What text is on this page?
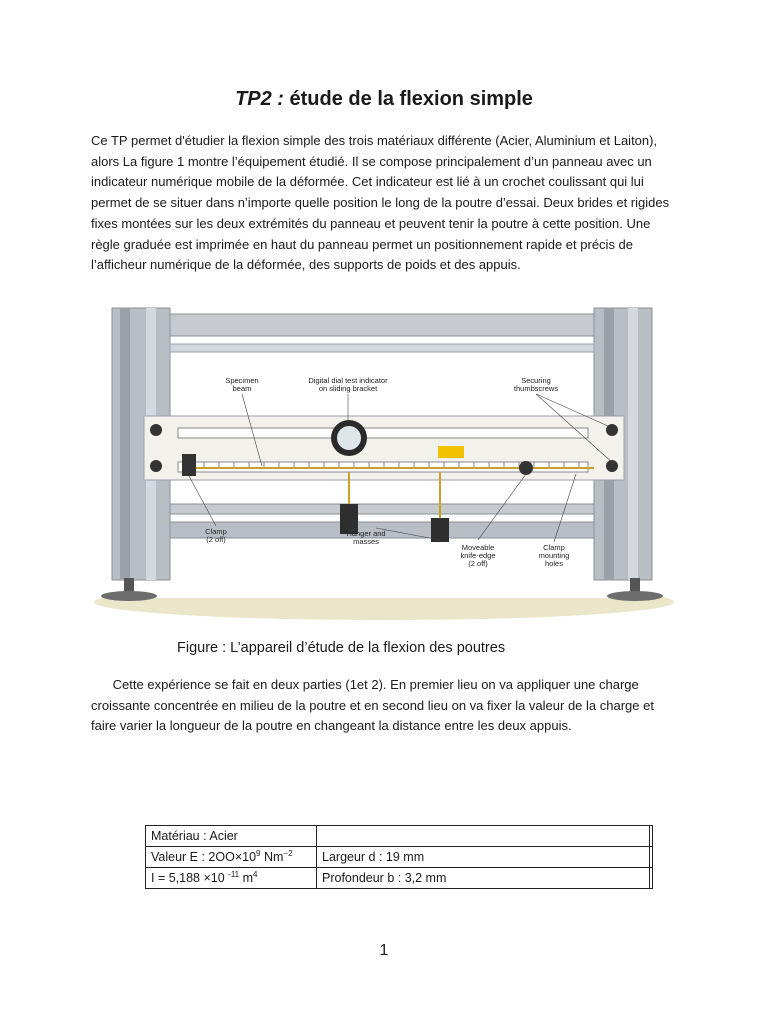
TP2 : étude de la flexion simple
Ce TP permet d'étudier la flexion simple des trois matériaux différente (Acier, Aluminium et Laiton), alors La figure 1 montre l’équipement étudié. Il se compose principalement d’un panneau avec un indicateur numérique mobile de la déformée. Cet indicateur est lié à un crochet coulissant qui lui permet de se situer dans n’importe quelle position le long de la poutre d’essai. Deux brides et rigides fixes montées sur les deux extrémités du panneau et peuvent tenir la poutre à cette position. Une règle graduée est imprimée en haut du panneau permet un positionnement rapide et précis de l’afficheur numérique de la déformée, des supports de poids et des appuis.
Specimen
beam
Digital dial test indicator
on sliding bracket
Securing
thumbscrews
Clamp
(2 off)
Hanger and
masses
Moveable
knife-edge
(2 off)
Clamp
mounting
holes
Figure : L’appareil d’étude de la flexion des poutres
Cette expérience se fait en deux parties (1et 2). En premier lieu on va appliquer une charge croissante concentrée en milieu de la poutre et en second lieu on va fixer la valeur de la charge et faire varier la longueur de la poutre en changeant la distance entre les deux appuis.
Matériau : Acier		
Valeur E : $2OO\times 10^9$ $Nm^{-2}$	Largeur d : 19 mm	
I = 5,188 ×10 $^{-11}$ $m^4$	Profondeur b : 3,2 mm	
1
